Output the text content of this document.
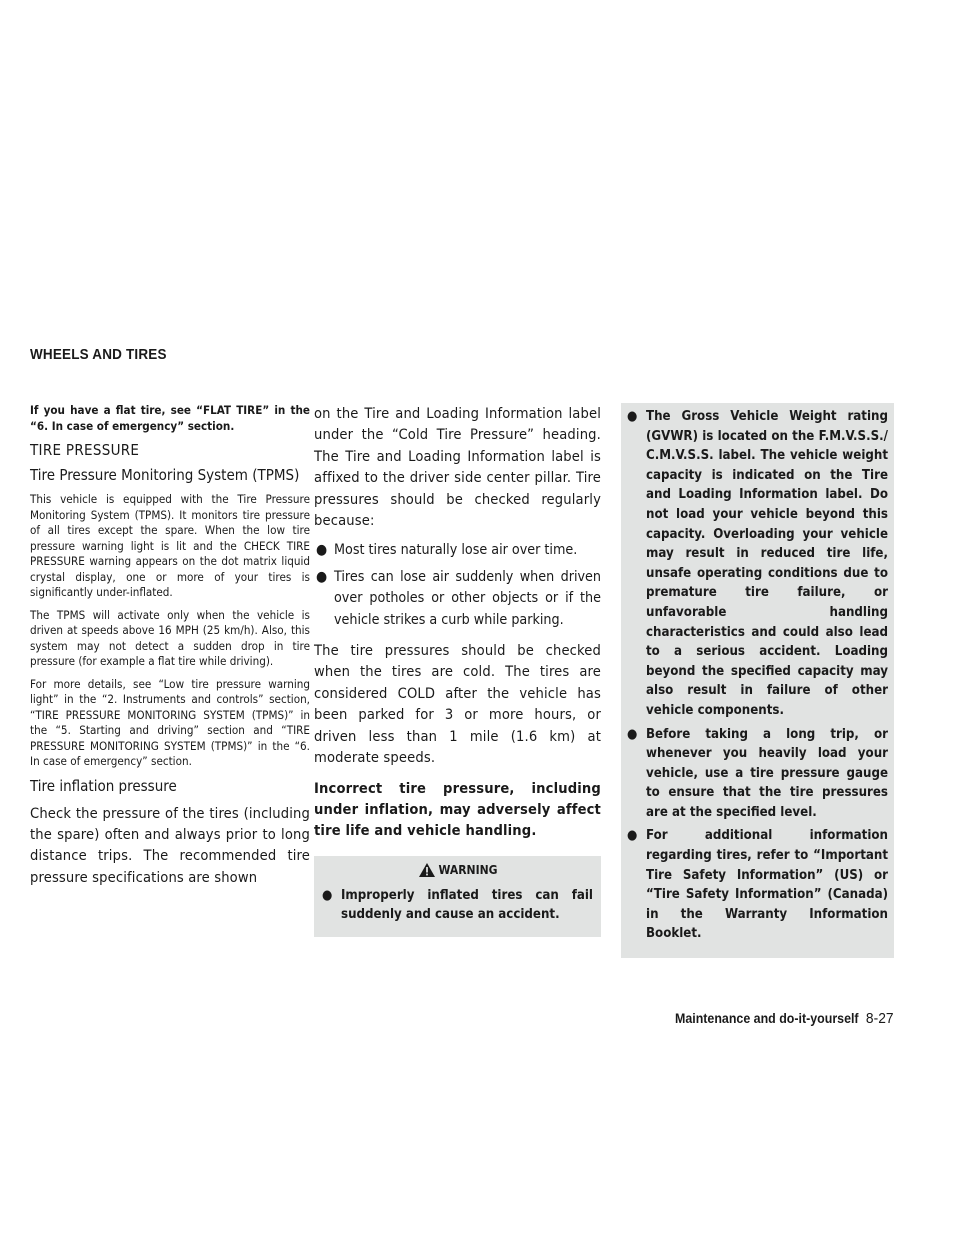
WHEELS AND TIRES

If you have a flat tire, see “FLAT TIRE” in the “6. In case of emergency” section.

TIRE PRESSURE
Tire Pressure Monitoring System (TPMS)

This vehicle is equipped with the Tire Pressure Monitoring System (TPMS). It monitors tire pressure of all tires except the spare. When the low tire pressure warning light is lit and the CHECK TIRE PRESSURE warning appears on the dot matrix liquid crystal display, one or more of your tires is significantly under-inflated.

The TPMS will activate only when the vehicle is driven at speeds above 16 MPH (25 km/h). Also, this system may not detect a sudden drop in tire pressure (for example a flat tire while driving).

For more details, see “Low tire pressure warning light” in the “2. Instruments and controls” section, “TIRE PRESSURE MONITORING SYSTEM (TPMS)” in the “5. Starting and driving” section and “TIRE PRESSURE MONITORING SYSTEM (TPMS)” in the “6. In case of emergency” section.

Tire inflation pressure

Check the pressure of the tires (including the spare) often and always prior to long distance trips. The recommended tire pressure specifications are shown

on the Tire and Loading Information label under the “Cold Tire Pressure” heading. The Tire and Loading Information label is affixed to the driver side center pillar. Tire pressures should be checked regularly because:

● Most tires naturally lose air over time.
● Tires can lose air suddenly when driven over potholes or other objects or if the vehicle strikes a curb while parking.

The tire pressures should be checked when the tires are cold. The tires are considered COLD after the vehicle has been parked for 3 or more hours, or driven less than 1 mile (1.6 km) at moderate speeds.

Incorrect tire pressure, including under inflation, may adversely affect tire life and vehicle handling.

WARNING
● Improperly inflated tires can fail suddenly and cause an accident.
● The Gross Vehicle Weight rating (GVWR) is located on the F.M.V.S.S./ C.M.V.S.S. label. The vehicle weight capacity is indicated on the Tire and Loading Information label. Do not load your vehicle beyond this capacity. Overloading your vehicle may result in reduced tire life, unsafe operating conditions due to premature tire failure, or unfavorable handling characteristics and could also lead to a serious accident. Loading beyond the specified capacity may also result in failure of other vehicle components.
● Before taking a long trip, or whenever you heavily load your vehicle, use a tire pressure gauge to ensure that the tire pressures are at the specified level.
● For additional information regarding tires, refer to “Important Tire Safety Information” (US) or “Tire Safety Information” (Canada) in the Warranty Information Booklet.
Maintenance and do-it-yourself 8-27
